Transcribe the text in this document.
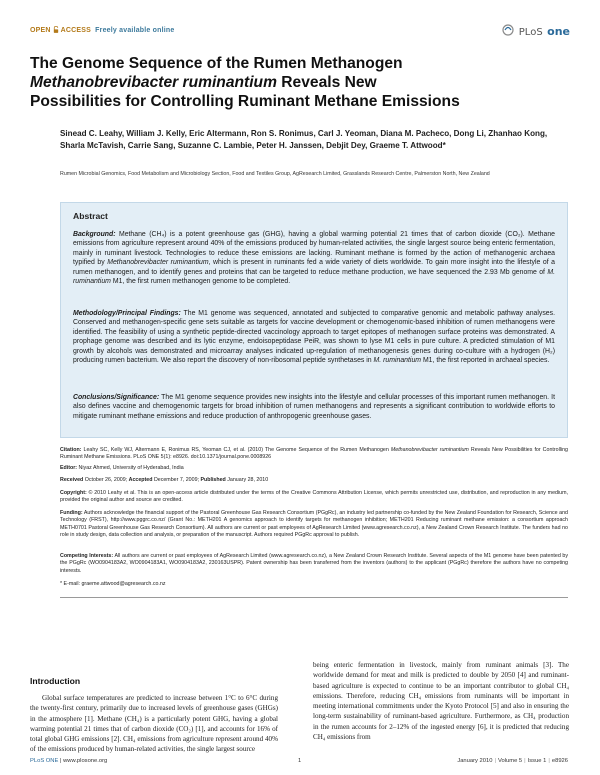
OPEN ACCESS Freely available online	PLoS one
The Genome Sequence of the Rumen Methanogen
Methanobrevibacter ruminantium Reveals New
Possibilities for Controlling Ruminant Methane Emissions
Sinead C. Leahy, William J. Kelly, Eric Altermann, Ron S. Ronimus, Carl J. Yeoman, Diana M. Pacheco, Dong Li, Zhanhao Kong, Sharla McTavish, Carrie Sang, Suzanne C. Lambie, Peter H. Janssen, Debjit Dey, Graeme T. Attwood*
Rumen Microbial Genomics, Food Metabolism and Microbiology Section, Food and Textiles Group, AgResearch Limited, Grasslands Research Centre, Palmerston North, New Zealand
Abstract
Background: Methane (CH₄) is a potent greenhouse gas (GHG), having a global warming potential 21 times that of carbon dioxide (CO₂). Methane emissions from agriculture represent around 40% of the emissions produced by human-related activities, the single largest source being enteric fermentation, mainly in ruminant livestock. Technologies to reduce these emissions are lacking. Ruminant methane is formed by the action of methanogenic archaea typified by Methanobrevibacter ruminantium, which is present in ruminants fed a wide variety of diets worldwide. To gain more insight into the lifestyle of a rumen methanogen, and to identify genes and proteins that can be targeted to reduce methane production, we have sequenced the 2.93 Mb genome of M. ruminantium M1, the first rumen methanogen genome to be completed.
Methodology/Principal Findings: The M1 genome was sequenced, annotated and subjected to comparative genomic and metabolic pathway analyses. Conserved and methanogen-specific gene sets suitable as targets for vaccine development or chemogenomic-based inhibition of rumen methanogens were identified. The feasibility of using a synthetic peptide-directed vaccinology approach to target epitopes of methanogen surface proteins was demonstrated. A prophage genome was described and its lytic enzyme, endoisopeptidase PeiR, was shown to lyse M1 cells in pure culture. A predicted stimulation of M1 growth by alcohols was demonstrated and microarray analyses indicated up-regulation of methanogenesis genes during co-culture with a hydrogen (H₂) producing rumen bacterium. We also report the discovery of non-ribosomal peptide synthetases in M. ruminantium M1, the first reported in archaeal species.
Conclusions/Significance: The M1 genome sequence provides new insights into the lifestyle and cellular processes of this important rumen methanogen. It also defines vaccine and chemogenomic targets for broad inhibition of rumen methanogens and represents a significant contribution to worldwide efforts to mitigate ruminant methane emissions and reduce production of anthropogenic greenhouse gases.
Citation: Leahy SC, Kelly WJ, Altermann E, Ronimus RS, Yeoman CJ, et al. (2010) The Genome Sequence of the Rumen Methanogen Methanobrevibacter ruminantium Reveals New Possibilities for Controlling Ruminant Methane Emissions. PLoS ONE 5(1): e8926. doi:10.1371/journal.pone.0008926
Editor: Niyaz Ahmed, University of Hyderabad, India
Received October 26, 2009; Accepted December 7, 2009; Published January 28, 2010
Copyright: © 2010 Leahy et al. This is an open-access article distributed under the terms of the Creative Commons Attribution License, which permits unrestricted use, distribution, and reproduction in any medium, provided the original author and source are credited.
Funding: Authors acknowledge the financial support of the Pastoral Greenhouse Gas Research Consortium (PGgRc), an industry led partnership co-funded by the New Zealand Foundation for Research, Science and Technology (FRST), http://www.pggrc.co.nz/ (Grant No.: METH201 A genomics approach to identify targets for methanogen inhibition; METH201 Reducing ruminant methane emission: a consortium approach METH0701 Pastoral Greenhouse Gas Research Consortium). All authors are current or past employees of AgResearch Limited (www.agresearch.co.nz), a New Zealand Crown Research Institute. The funders had no role in study design, data collection and analysis, or preparation of the manuscript. Authors required PGgRc approval to publish.
Competing Interests: All authors are current or past employees of AgResearch Limited (www.agresearch.co.nz), a New Zealand Crown Research Institute. Several aspects of the M1 genome have been patented by the PGgRc (WO0904183A2, WO0904183A1, WO0904183A2, 230163USPR). Patent ownership has been transferred from the inventors (authors) to the applicant (PGgRc) therefore the authors have no competing interests.
* E-mail: graeme.attwood@agresearch.co.nz
Introduction
Global surface temperatures are predicted to increase between 1°C to 6°C during the twenty-first century, primarily due to increased levels of greenhouse gases (GHGs) in the atmosphere [1]. Methane (CH₄) is a particularly potent GHG, having a global warming potential 21 times that of carbon dioxide (CO₂) [1], and accounts for 16% of total global GHG emissions [2]. CH₄ emissions from agriculture represent around 40% of the emissions produced by human-related activities, the single largest source
being enteric fermentation in livestock, mainly from ruminant animals [3]. The worldwide demand for meat and milk is predicted to double by 2050 [4] and ruminant-based agriculture is expected to continue to be an important contributor to global CH₄ emissions. Therefore, reducing CH₄ emissions from ruminants will be important in meeting international commitments under the Kyoto Protocol [5] and also in ensuring the long-term sustainability of ruminant-based agriculture. Furthermore, as CH₄ production in the rumen accounts for 2–12% of the ingested energy [6], it is predicted that reducing CH₄ emissions from
PLoS ONE | www.plosone.org	1	January 2010 | Volume 5 | Issue 1 | e8926
